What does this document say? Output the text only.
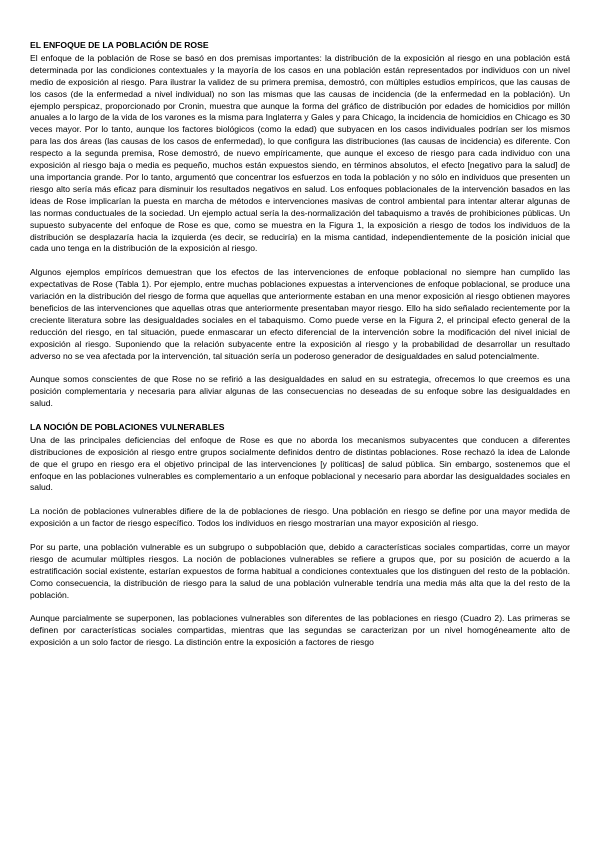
EL ENFOQUE DE LA POBLACIÓN DE ROSE

El enfoque de la población de Rose se basó en dos premisas importantes: la distribución de la exposición al riesgo en una población está determinada por las condiciones contextuales y la mayoría de los casos en una población están representados por individuos con un nivel medio de exposición al riesgo. Para ilustrar la validez de su primera premisa, demostró, con múltiples estudios empíricos, que las causas de los casos (de la enfermedad a nivel individual) no son las mismas que las causas de incidencia (de la enfermedad en la población). Un ejemplo perspicaz, proporcionado por Cronin, muestra que aunque la forma del gráfico de distribución por edades de homicidios por millón anuales a lo largo de la vida de los varones es la misma para Inglaterra y Gales y para Chicago, la incidencia de homicidios en Chicago es 30 veces mayor. Por lo tanto, aunque los factores biológicos (como la edad) que subyacen en los casos individuales podrían ser los mismos para las dos áreas (las causas de los casos de enfermedad), lo que configura las distribuciones (las causas de incidencia) es diferente. Con respecto a la segunda premisa, Rose demostró, de nuevo empíricamente, que aunque el exceso de riesgo para cada individuo con una exposición al riesgo baja o media es pequeño, muchos están expuestos siendo, en términos absolutos, el efecto [negativo para la salud] de una importancia grande. Por lo tanto, argumentó que concentrar los esfuerzos en toda la población y no sólo en individuos que presenten un riesgo alto sería más eficaz para disminuir los resultados negativos en salud. Los enfoques poblacionales de la intervención basados en las ideas de Rose implicarían la puesta en marcha de métodos e intervenciones masivas de control ambiental para intentar alterar algunas de las normas conductuales de la sociedad. Un ejemplo actual sería la des-normalización del tabaquismo a través de prohibiciones públicas. Un supuesto subyacente del enfoque de Rose es que, como se muestra en la Figura 1, la exposición a riesgo de todos los individuos de la distribución se desplazaría hacia la izquierda (es decir, se reduciría) en la misma cantidad, independientemente de la posición inicial que cada uno tenga en la distribución de la exposición al riesgo.

Algunos ejemplos empíricos demuestran que los efectos de las intervenciones de enfoque poblacional no siempre han cumplido las expectativas de Rose (Tabla 1). Por ejemplo, entre muchas poblaciones expuestas a intervenciones de enfoque poblacional, se produce una variación en la distribución del riesgo de forma que aquellas que anteriormente estaban en una menor exposición al riesgo obtienen mayores beneficios de las intervenciones que aquellas otras que anteriormente presentaban mayor riesgo. Ello ha sido señalado recientemente por la creciente literatura sobre las desigualdades sociales en el tabaquismo. Como puede verse en la Figura 2, el principal efecto general de la reducción del riesgo, en tal situación, puede enmascarar un efecto diferencial de la intervención sobre la modificación del nivel inicial de exposición al riesgo. Suponiendo que la relación subyacente entre la exposición al riesgo y la probabilidad de desarrollar un resultado adverso no se vea afectada por la intervención, tal situación sería un poderoso generador de desigualdades en salud potencialmente.

Aunque somos conscientes de que Rose no se refirió a las desigualdades en salud en su estrategia, ofrecemos lo que creemos es una posición complementaria y necesaria para aliviar algunas de las consecuencias no deseadas de su enfoque sobre las desigualdades en salud.

LA NOCIÓN DE POBLACIONES VULNERABLES

Una de las principales deficiencias del enfoque de Rose es que no aborda los mecanismos subyacentes que conducen a diferentes distribuciones de exposición al riesgo entre grupos socialmente definidos dentro de distintas poblaciones. Rose rechazó la idea de Lalonde de que el grupo en riesgo era el objetivo principal de las intervenciones [y políticas] de salud pública. Sin embargo, sostenemos que el enfoque en las poblaciones vulnerables es complementario a un enfoque poblacional y necesario para abordar las desigualdades sociales en salud.

La noción de poblaciones vulnerables difiere de la de poblaciones de riesgo. Una población en riesgo se define por una mayor medida de exposición a un factor de riesgo específico. Todos los individuos en riesgo mostrarían una mayor exposición al riesgo.

Por su parte, una población vulnerable es un subgrupo o subpoblación que, debido a características sociales compartidas, corre un mayor riesgo de acumular múltiples riesgos. La noción de poblaciones vulnerables se refiere a grupos que, por su posición de acuerdo a la estratificación social existente, estarían expuestos de forma habitual a condiciones contextuales que los distinguen del resto de la población. Como consecuencia, la distribución de riesgo para la salud de una población vulnerable tendría una media más alta que la del resto de la población.

Aunque parcialmente se superponen, las poblaciones vulnerables son diferentes de las poblaciones en riesgo (Cuadro 2). Las primeras se definen por características sociales compartidas, mientras que las segundas se caracterizan por un nivel homogéneamente alto de exposición a un solo factor de riesgo. La distinción entre la exposición a factores de riesgo
